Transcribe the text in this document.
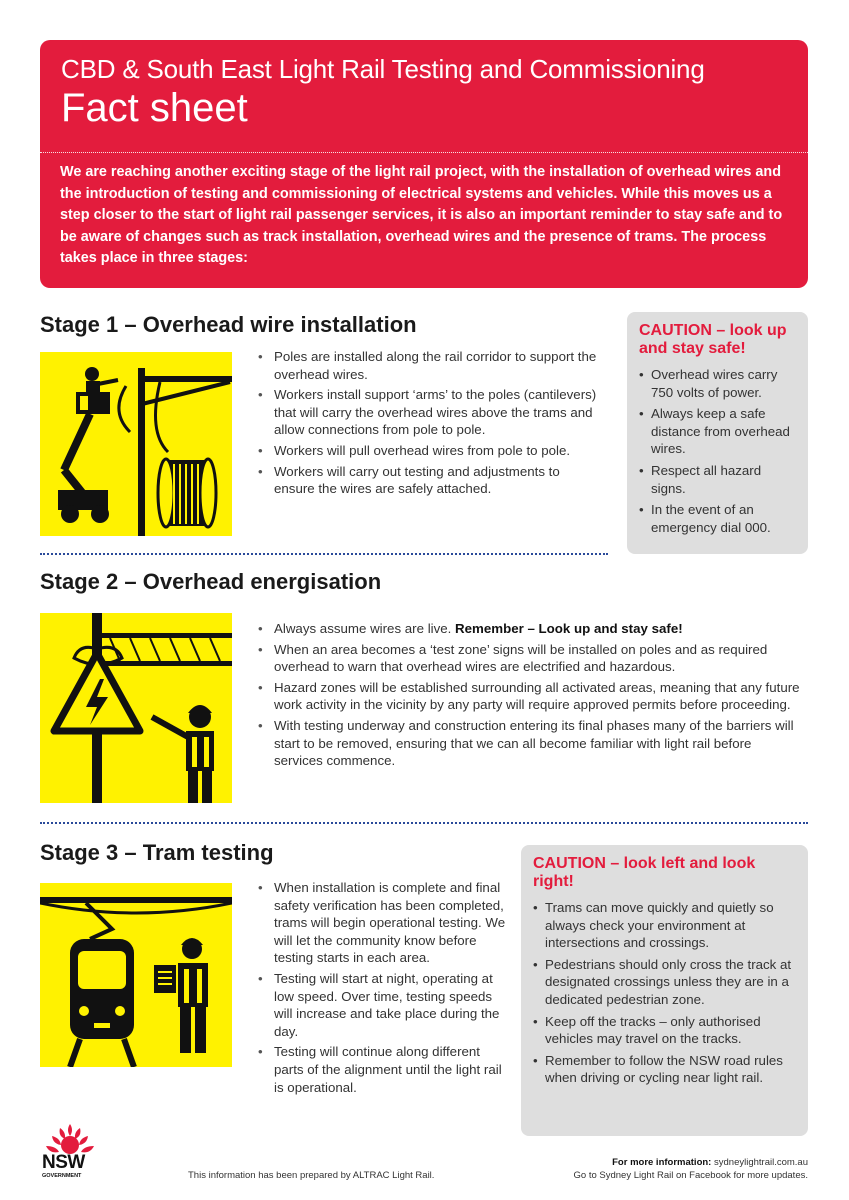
CBD & South East Light Rail Testing and Commissioning
Fact sheet
We are reaching another exciting stage of the light rail project, with the installation of overhead wires and the introduction of testing and commissioning of electrical systems and vehicles. While this moves us a step closer to the start of light rail passenger services, it is also an important reminder to stay safe and to be aware of changes such as track installation, overhead wires and the presence of trams. The process takes place in three stages:
Stage 1 – Overhead wire installation
• Poles are installed along the rail corridor to support the overhead wires.
• Workers install support ‘arms’ to the poles (cantilevers) that will carry the overhead wires above the trams and allow connections from pole to pole.
• Workers will pull overhead wires from pole to pole.
• Workers will carry out testing and adjustments to ensure the wires are safely attached.
CAUTION – look up and stay safe!
• Overhead wires carry 750 volts of power.
• Always keep a safe distance from overhead wires.
• Respect all hazard signs.
• In the event of an emergency dial 000.
Stage 2 – Overhead energisation
• Always assume wires are live. Remember – Look up and stay safe!
• When an area becomes a ‘test zone’ signs will be installed on poles and as required overhead to warn that overhead wires are electrified and hazardous.
• Hazard zones will be established surrounding all activated areas, meaning that any future work activity in the vicinity by any party will require approved permits before proceeding.
• With testing underway and construction entering its final phases many of the barriers will start to be removed, ensuring that we can all become familiar with light rail before services commence.
Stage 3 – Tram testing
• When installation is complete and final safety verification has been completed, trams will begin operational testing. We will let the community know before testing starts in each area.
• Testing will start at night, operating at low speed. Over time, testing speeds will increase and take place during the day.
• Testing will continue along different parts of the alignment until the light rail is operational.
CAUTION – look left and look right!
• Trams can move quickly and quietly so always check your environment at intersections and crossings.
• Pedestrians should only cross the track at designated crossings unless they are in a dedicated pedestrian zone.
• Keep off the tracks – only authorised vehicles may travel on the tracks.
• Remember to follow the NSW road rules when driving or cycling near light rail.
NSW
GOVERNMENT	This information has been prepared by ALTRAC Light Rail.
For more information: sydneylightrail.com.au
Go to Sydney Light Rail on Facebook for more updates.
